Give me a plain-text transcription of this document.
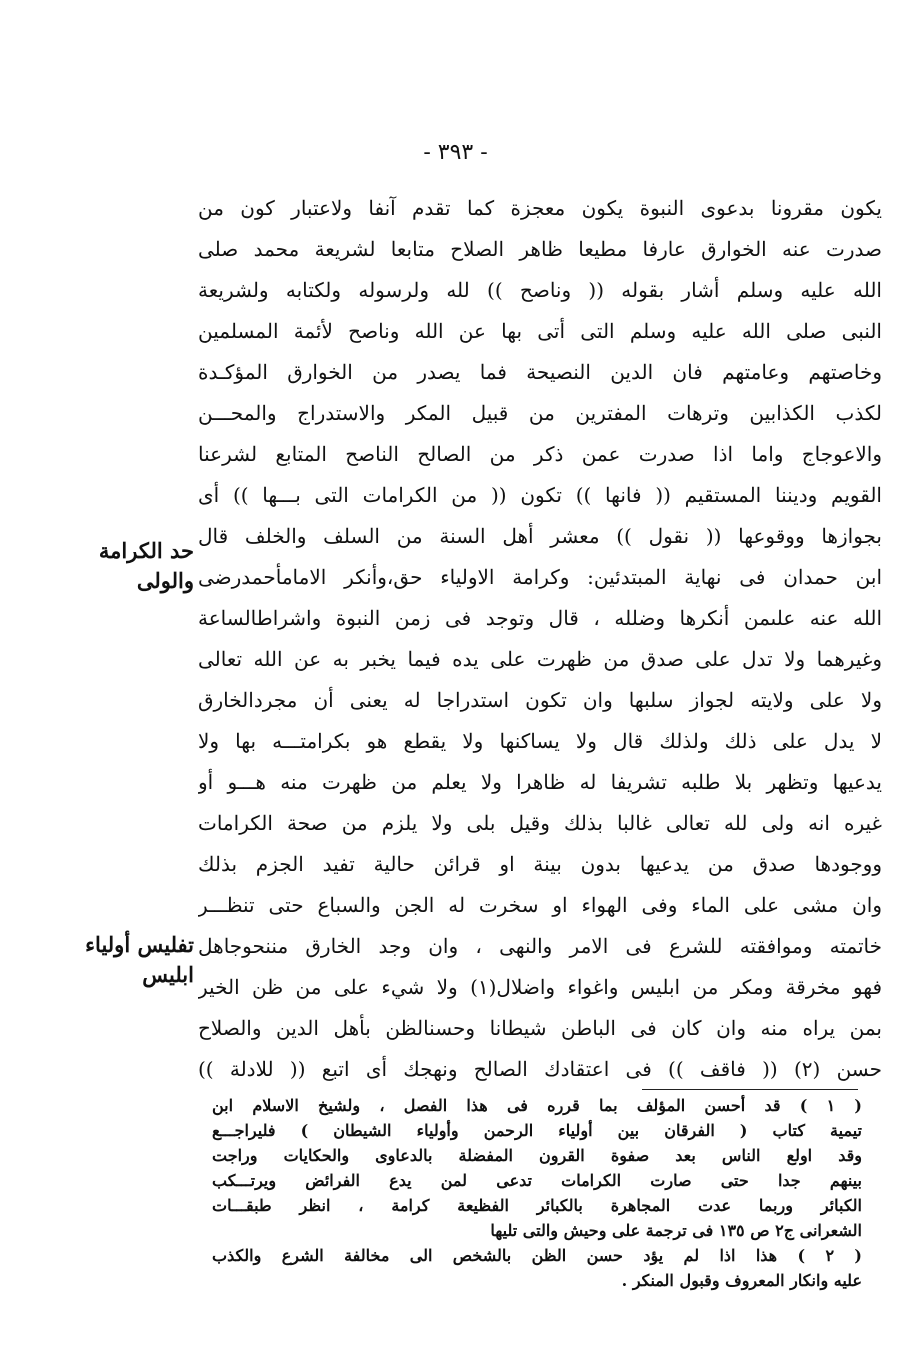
- ٣٩٣ -
يكون مقرونا بدعوى النبوة يكون معجزة كما تقدم آنفا ولاعتبار كون من
صدرت عنه الخوارق عارفا مطيعا ظاهر الصلاح متابعا لشريعة محمد صلى
الله عليه وسلم أشار بقوله (( وناصح )) لله ولرسوله ولكتابه ولشريعة
النبى صلى الله عليه وسلم التى أتى بها عن الله وناصح لأئمة المسلمين
وخاصتهم وعامتهم فان الدين النصيحة فما يصدر من الخوارق المؤكـدة
لكذب الكذابين وترهات المفترين من قبيل المكر والاستدراج والمحـــن
والاعوجاج واما اذا صدرت عمن ذكر من الصالح الناصح المتابع لشرعنا
القويم وديننا المستقيم (( فانها )) تكون (( من الكرامات التى بـــها )) أى
بجوازها ووقوعها (( نقول )) معشر أهل السنة من السلف والخلف قال
ابن حمدان فى نهاية المبتدئين: وكرامة الاولياء حق،وأنكر الامامأحمدرضى
الله عنه علىمن أنكرها وضلله ، قال وتوجد فى زمن النبوة واشراطالساعة
وغيرهما ولا تدل على صدق من ظهرت على يده فيما يخبر به عن الله تعالى
ولا على ولايته لجواز سلبها وان تكون استدراجا له يعنى أن مجردالخارق
لا يدل على ذلك ولذلك قال ولا يساكنها ولا يقطع هو بكرامتـــه بها ولا
يدعيها وتظهر بلا طلبه تشريفا له ظاهرا ولا يعلم من ظهرت منه هـــو أو
غيره انه ولى لله تعالى غالبا بذلك وقيل بلى ولا يلزم من صحة الكرامات
ووجودها صدق من يدعيها بدون بينة او قرائن حالية تفيد الجزم بذلك
وان مشى على الماء وفى الهواء او سخرت له الجن والسباع حتى تنظـــر
خاتمته وموافقته للشرع فى الامر والنهى ، وان وجد الخارق مننحوجاهل
فهو مخرقة ومكر من ابليس واغواء واضلال(١) ولا شيء على من ظن الخير
بمن يراه منه وان كان فى الباطن شيطانا وحسنالظن بأهل الدين والصلاح
حسن (٢) (( فاقف )) فى اعتقادك الصالح ونهجك أى اتبع (( للادلة ))
حد الكرامة
والولى
تفليس أولياء
ابليس
( ١ ) قد أحسن المؤلف بما قرره فى هذا الفصل ، ولشيخ الاسلام ابن
تيمية كتاب ( الفرقان بين أولياء الرحمن وأولياء الشيطان ) فليراجـــع
وقد اولع الناس بعد صفوة القرون المفضلة بالدعاوى والحكايات وراجت
بينهم جدا حتى صارت الكرامات تدعى لمن يدع الفرائض ويرتـــكب
الكبائر وربما عدت المجاهرة بالكبائر الفظيعة كرامة ، انظر طبقـــات
الشعرانى ج٢ ص ١٣٥ فى ترجمة على وحيش والتى تليها
( ٢ ) هذا اذا لم يؤد حسن الظن بالشخص الى مخالفة الشرع والكذب
عليه وانكار المعروف وقبول المنكر .
